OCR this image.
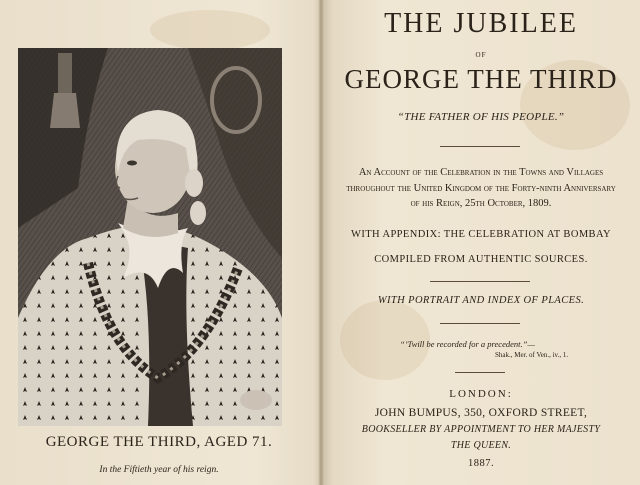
GEORGE THE THIRD, AGED 71.
In the Fiftieth year of his reign.
THE JUBILEE
OF
GEORGE THE THIRD
“THE FATHER OF HIS PEOPLE.”
An Account of the Celebration in the Towns and Villages throughout the United Kingdom of the Forty-ninth Anniversary of his Reign, 25th October, 1809.
WITH APPENDIX: THE CELEBRATION AT BOMBAY
COMPILED FROM AUTHENTIC SOURCES.
WITH PORTRAIT AND INDEX OF PLACES.
“’Twill be recorded for a precedent.”—
Shak., Mer. of Ven., iv., 1.
LONDON:
JOHN BUMPUS, 350, OXFORD STREET,
BOOKSELLER BY APPOINTMENT TO HER MAJESTY
THE QUEEN.
1887.
